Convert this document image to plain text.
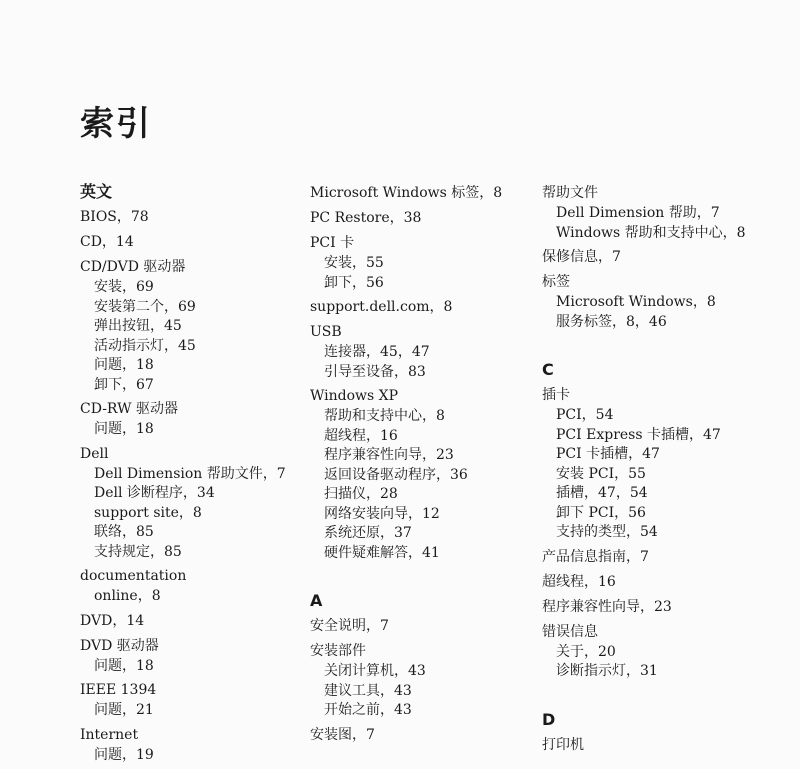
索引
英文
BIOS，78
CD，14
CD/DVD 驱动器
安装，69
安装第二个，69
弹出按钮，45
活动指示灯，45
问题，18
卸下，67
CD-RW 驱动器
问题，18
Dell
Dell Dimension 帮助文件，7
Dell 诊断程序，34
support site，8
联络，85
支持规定，85
documentation
online，8
DVD，14
DVD 驱动器
问题，18
IEEE 1394
问题，21
Internet
问题，19
Microsoft Windows 标签，8
PC Restore，38
PCI 卡
安装，55
卸下，56
support.dell.com，8
USB
连接器，45，47
引导至设备，83
Windows XP
帮助和支持中心，8
超线程，16
程序兼容性向导，23
返回设备驱动程序，36
扫描仪，28
网络安装向导，12
系统还原，37
硬件疑难解答，41
A
安全说明，7
安装部件
关闭计算机，43
建议工具，43
开始之前，43
安装图，7
帮助文件
Dell Dimension 帮助，7
Windows 帮助和支持中心，8
保修信息，7
标签
Microsoft Windows，8
服务标签，8，46
C
插卡
PCI，54
PCI Express 卡插槽，47
PCI 卡插槽，47
安装 PCI，55
插槽，47，54
卸下 PCI，56
支持的类型，54
产品信息指南，7
超线程，16
程序兼容性向导，23
错误信息
关于，20
诊断指示灯，31
D
打印机
